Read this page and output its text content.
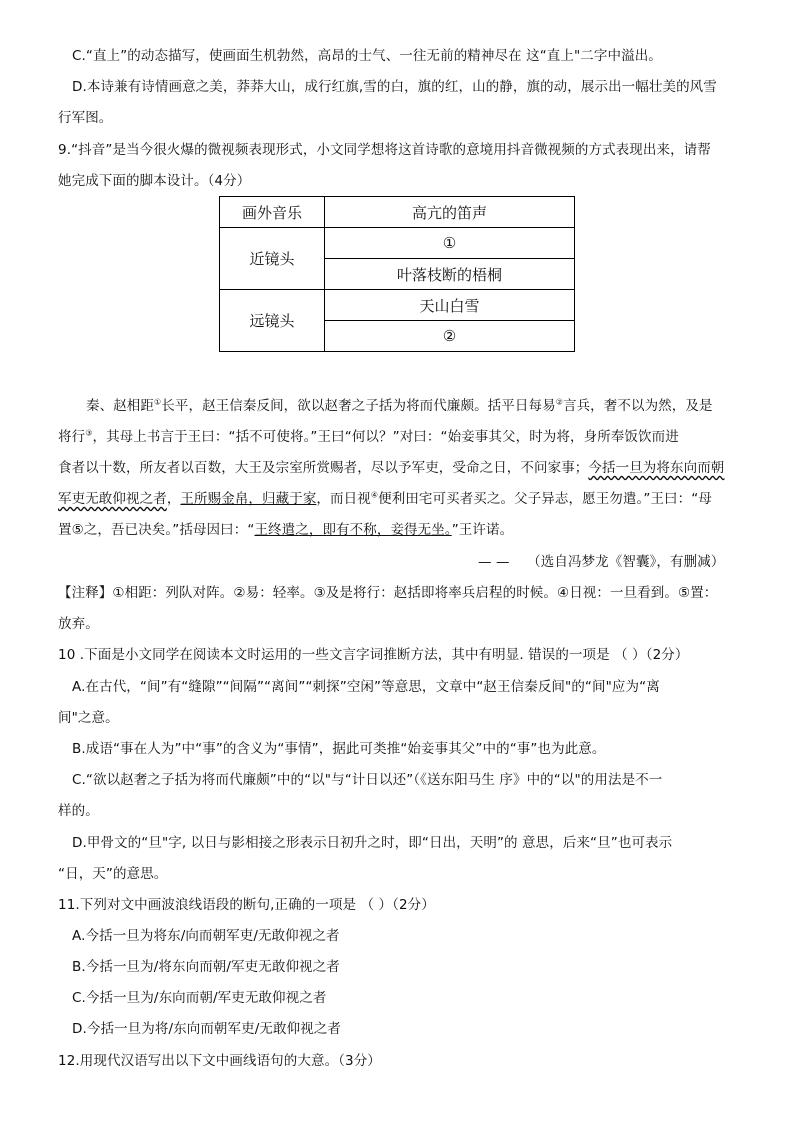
C.“直上”的动态描写，使画面生机勃然，高昂的士气、一往无前的精神尽在 这“直上"二字中溢出。
D.本诗兼有诗情画意之美，莽莽大山，成行红旗,雪的白，旗的红，山的静，旗的动，展示出一幅壮美的风雪
行军图。
9.“抖音”是当今很火爆的微视频表现形式，小文同学想将这首诗歌的意境用抖音微视频的方式表现出来，请帮
她完成下面的脚本设计。（4分）
画外音乐	高亢的笛声
近镜头	①
	叶落枝断的梧桐
远镜头	天山白雪
	②
秦、赵相距①长平，赵王信秦反间，欲以赵奢之子括为将而代廉颇。括平日每易②言兵，奢不以为然，及是
将行③，其母上书言于王曰：“括不可使将。”王曰“何以？”对曰：“始妾事其父，时为将，身所奉饭饮而进
食者以十数，所友者以百数，大王及宗室所赏赐者，尽以予军吏，受命之日，不问家事；今括一旦为将东向而朝
军吏无敢仰视之者，王所赐金帛，归藏于家，而日视④便利田宅可买者买之。父子异志，愿王勿遣。”王曰：“母
置⑤之，吾已决矣。”括母因曰：“王终遣之，即有不称，妾得无坐。”王许诺。
— — （选自冯梦龙《智囊》，有删减）
【注释】①相距：列队对阵。②易：轻率。③及是将行：赵括即将率兵启程的时候。④日视：一旦看到。⑤置：
放弃。
10 .下面是小文同学在阅读本文时运用的一些文言字词推断方法，其中有明显. 错误的一项是 （ ）（2分）
A.在古代，“间”有“缝隙”“间隔”“离间”“刺探”空闲”等意思，文章中“赵王信秦反间"的“间"应为“离
间"之意。
B.成语“事在人为”中“事”的含义为“事情”，据此可类推“始妾事其父”中的“事”也为此意。
C.“欲以赵奢之子括为将而代廉颇”中的“以"与“计日以还”（《送东阳马生 序》中的“以"的用法是不一
样的。
D.甲骨文的“旦"字, 以日与影相接之形表示日初升之时，即“日出，天明”的 意思，后来“旦”也可表示
“日，天”的意思。
11.下列对文中画波浪线语段的断句,正确的一项是 （ ）（2分）
A.今括一旦为将东/向而朝军吏/无敢仰视之者
B.今括一旦为/将东向而朝/军吏无敢仰视之者
C.今括一旦为/东向而朝/军吏无敢仰视之者
D.今括一旦为将/东向而朝军吏/无敢仰视之者
12.用现代汉语写出以下文中画线语句的大意。（3分）
